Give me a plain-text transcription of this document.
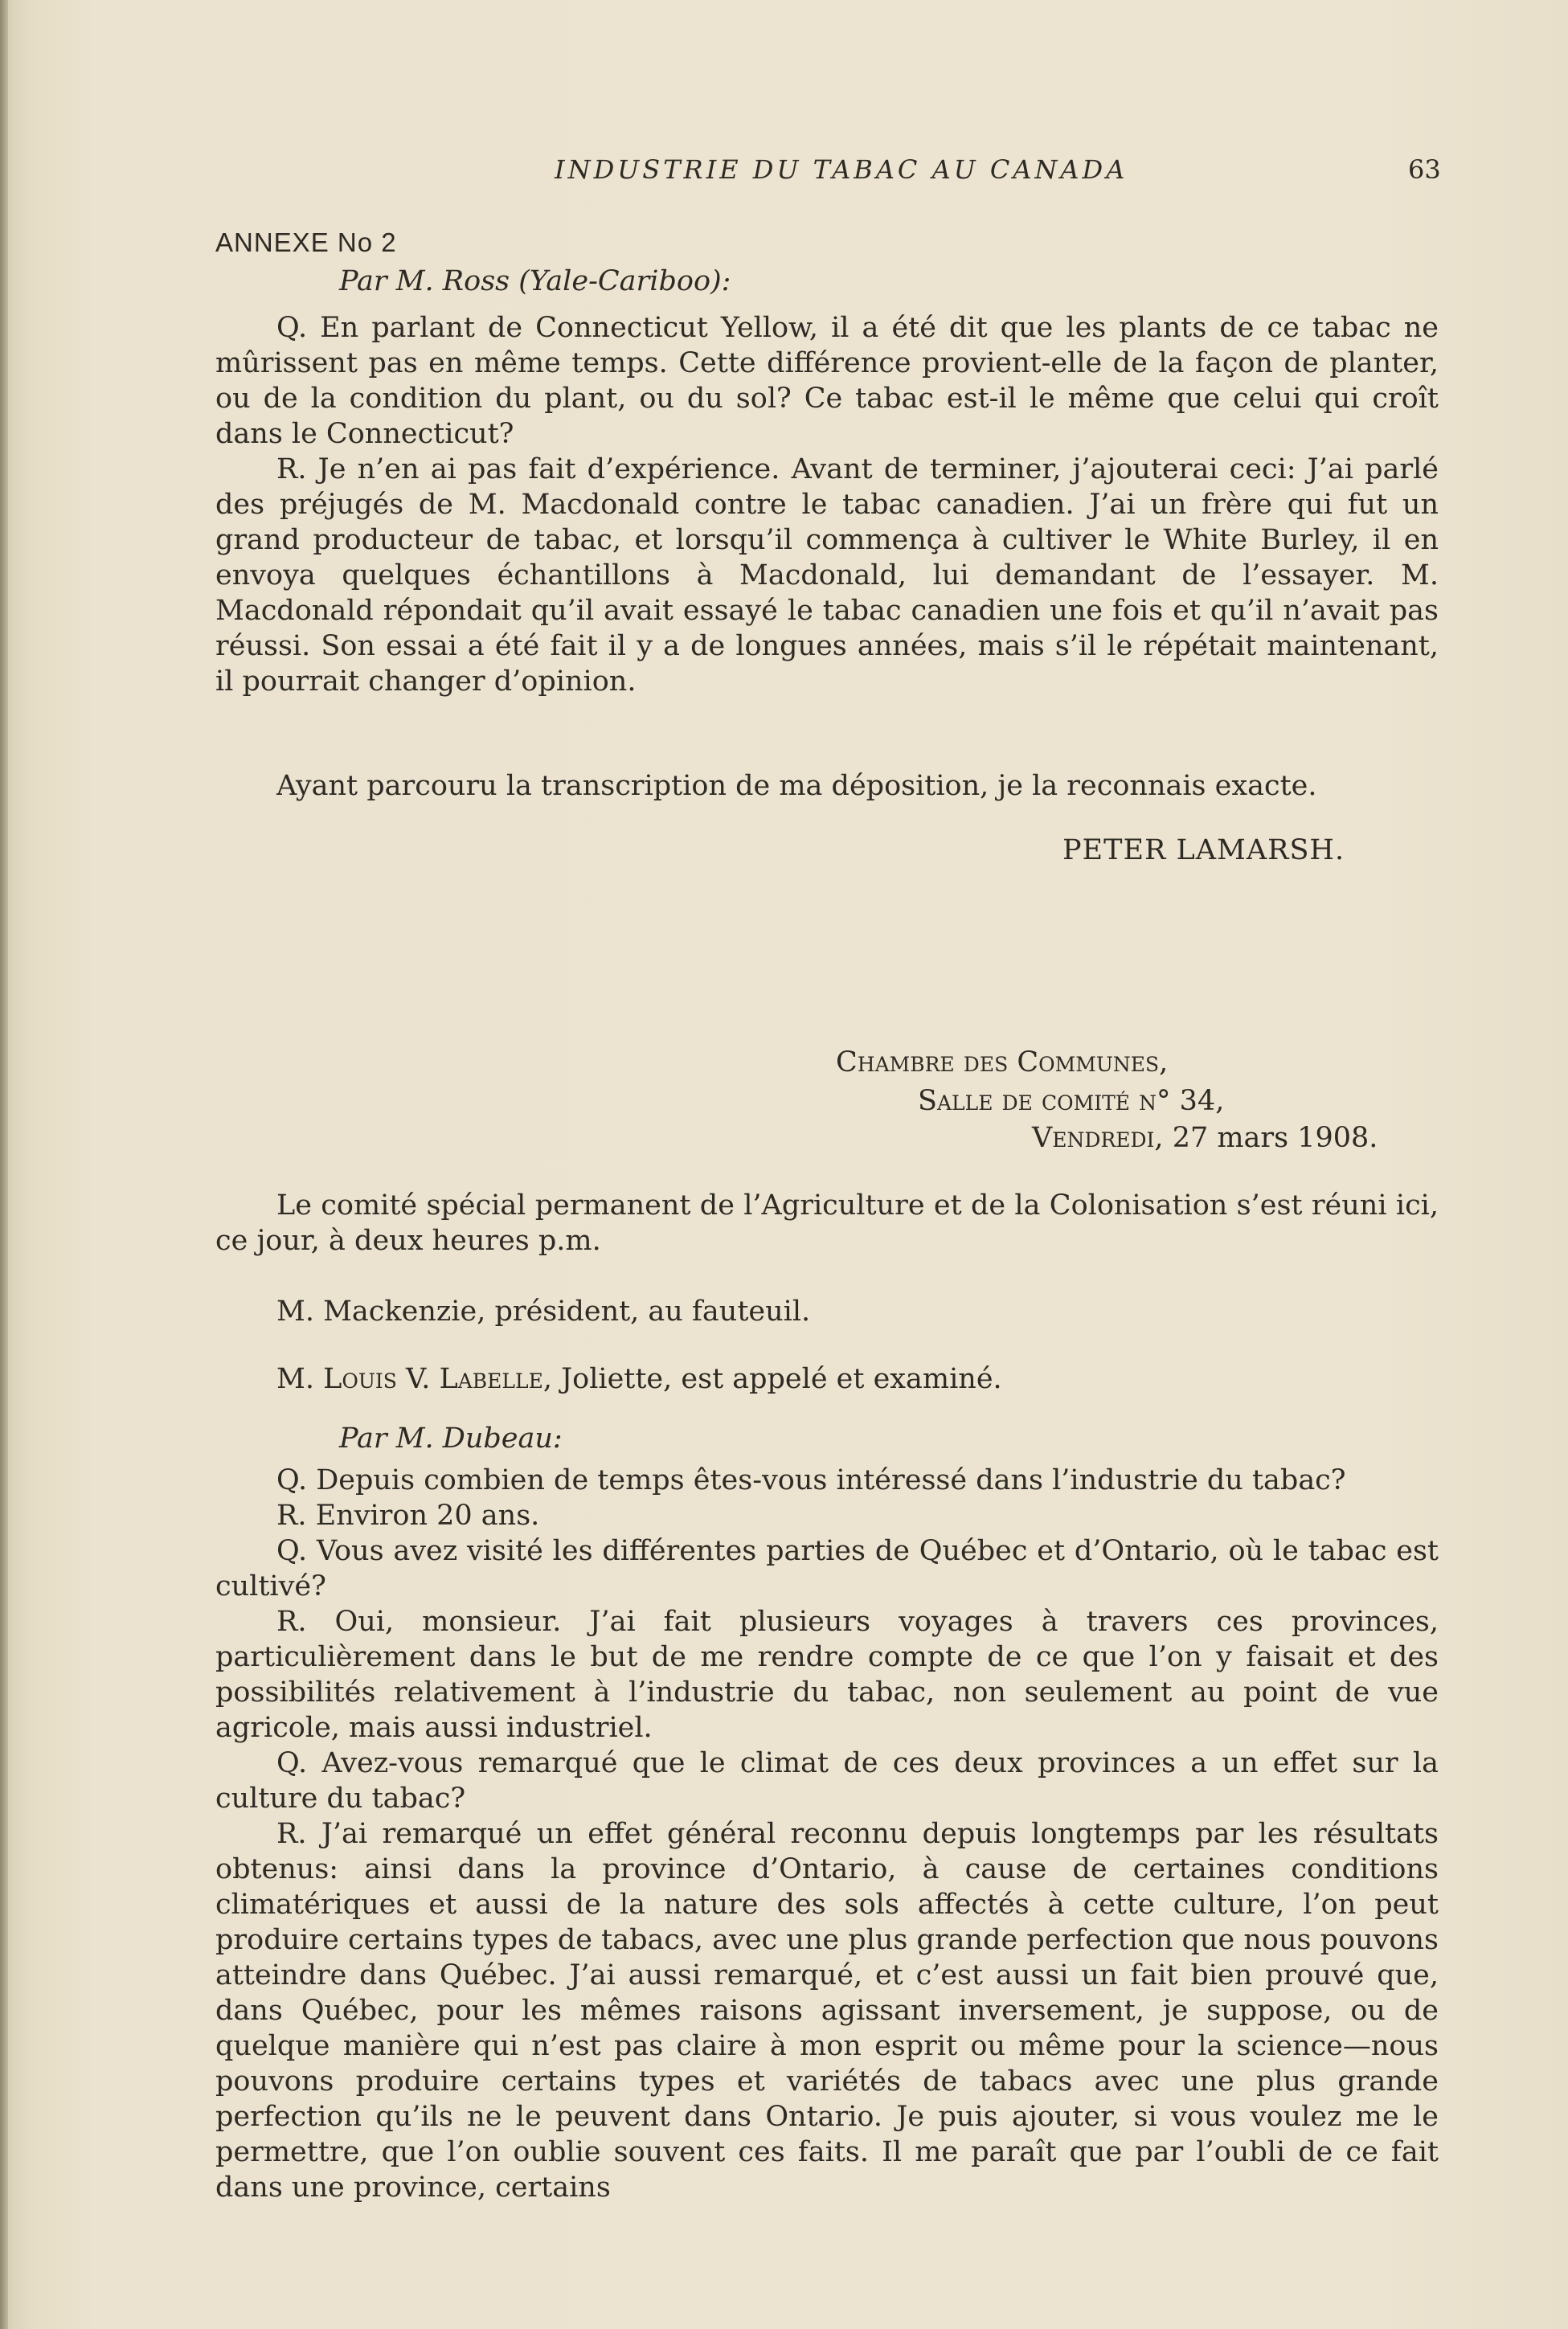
INDUSTRIE DU TABAC AU CANADA	63
ANNEXE No 2
Par M. Ross (Yale-Cariboo):

Q. En parlant de Connecticut Yellow, il a été dit que les plants de ce tabac ne mûrissent pas en même temps. Cette différence provient-elle de la façon de planter, ou de la condition du plant, ou du sol? Ce tabac est-il le même que celui qui croît dans le Connecticut?

R. Je n’en ai pas fait d’expérience. Avant de terminer, j’ajouterai ceci: J’ai parlé des préjugés de M. Macdonald contre le tabac canadien. J’ai un frère qui fut un grand producteur de tabac, et lorsqu’il commença à cultiver le White Burley, il en envoya quelques échantillons à Macdonald, lui demandant de l’essayer. M. Macdonald répondait qu’il avait essayé le tabac canadien une fois et qu’il n’avait pas réussi. Son essai a été fait il y a de longues années, mais s’il le répétait maintenant, il pourrait changer d’opinion.

Ayant parcouru la transcription de ma déposition, je la reconnais exacte.

PETER LAMARSH.
Chambre des Communes,
Salle de comité n° 34,
Vendredi, 27 mars 1908.

Le comité spécial permanent de l’Agriculture et de la Colonisation s’est réuni ici, ce jour, à deux heures p.m.

M. Mackenzie, président, au fauteuil.

M. Louis V. Labelle, Joliette, est appelé et examiné.

Par M. Dubeau:

Q. Depuis combien de temps êtes-vous intéressé dans l’industrie du tabac?

R. Environ 20 ans.

Q. Vous avez visité les différentes parties de Québec et d’Ontario, où le tabac est cultivé?

R. Oui, monsieur. J’ai fait plusieurs voyages à travers ces provinces, particulièrement dans le but de me rendre compte de ce que l’on y faisait et des possibilités relativement à l’industrie du tabac, non seulement au point de vue agricole, mais aussi industriel.

Q. Avez-vous remarqué que le climat de ces deux provinces a un effet sur la culture du tabac?

R. J’ai remarqué un effet général reconnu depuis longtemps par les résultats obtenus: ainsi dans la province d’Ontario, à cause de certaines conditions climatériques et aussi de la nature des sols affectés à cette culture, l’on peut produire certains types de tabacs, avec une plus grande perfection que nous pouvons atteindre dans Québec. J’ai aussi remarqué, et c’est aussi un fait bien prouvé que, dans Québec, pour les mêmes raisons agissant inversement, je suppose, ou de quelque manière qui n’est pas claire à mon esprit ou même pour la science—nous pouvons produire certains types et variétés de tabacs avec une plus grande perfection qu’ils ne le peuvent dans Ontario. Je puis ajouter, si vous voulez me le permettre, que l’on oublie souvent ces faits. Il me paraît que par l’oubli de ce fait dans une province, certains
